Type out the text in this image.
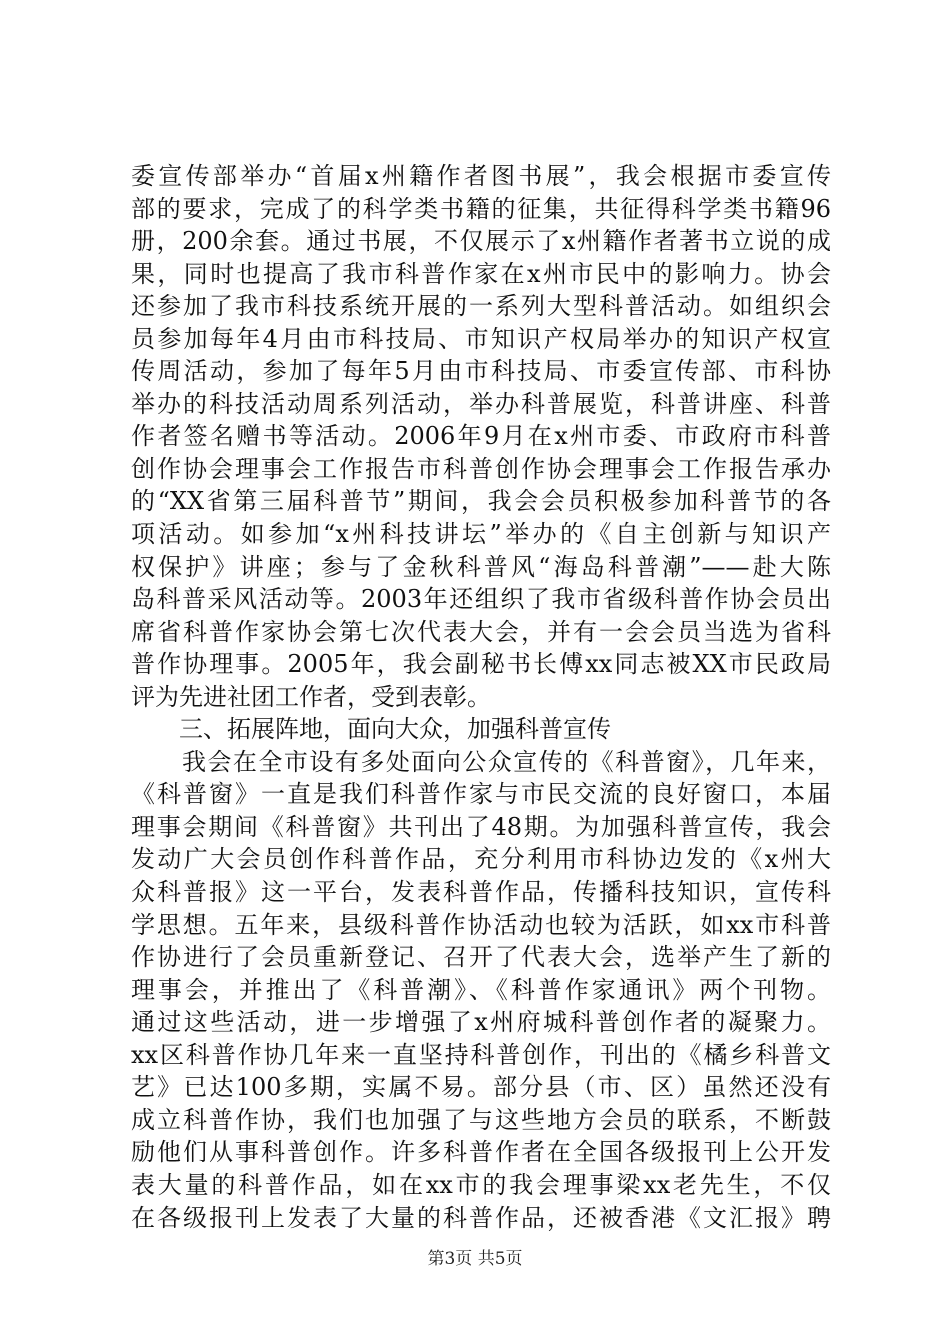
委宣传部举办“首届x州籍作者图书展”，我会根据市委宣传
部的要求，完成了的科学类书籍的征集，共征得科学类书籍96
册，200余套。通过书展，不仅展示了x州籍作者著书立说的成
果，同时也提高了我市科普作家在x州市民中的影响力。协会
还参加了我市科技系统开展的一系列大型科普活动。如组织会
员参加每年4月由市科技局、市知识产权局举办的知识产权宣
传周活动，参加了每年5月由市科技局、市委宣传部、市科协
举办的科技活动周系列活动，举办科普展览，科普讲座、科普
作者签名赠书等活动。2006年9月在x州市委、市政府市科普
创作协会理事会工作报告市科普创作协会理事会工作报告承办
的“XX省第三届科普节”期间，我会会员积极参加科普节的各
项活动。如参加“x州科技讲坛”举办的《自主创新与知识产
权保护》讲座；参与了金秋科普风“海岛科普潮”——赴大陈
岛科普采风活动等。2003年还组织了我市省级科普作协会员出
席省科普作家协会第七次代表大会，并有一会会员当选为省科
普作协理事。2005年，我会副秘书长傅xx同志被XX市民政局
评为先进社团工作者，受到表彰。
　　三、拓展阵地，面向大众，加强科普宣传
　　我会在全市设有多处面向公众宣传的《科普窗》，几年来，
《科普窗》一直是我们科普作家与市民交流的良好窗口，本届
理事会期间《科普窗》共刊出了48期。为加强科普宣传，我会
发动广大会员创作科普作品，充分利用市科协边发的《x州大
众科普报》这一平台，发表科普作品，传播科技知识，宣传科
学思想。五年来，县级科普作协活动也较为活跃，如xx市科普
作协进行了会员重新登记、召开了代表大会，选举产生了新的
理事会，并推出了《科普潮》、《科普作家通讯》两个刊物。
通过这些活动，进一步增强了x州府城科普创作者的凝聚力。
xx区科普作协几年来一直坚持科普创作，刊出的《橘乡科普文
艺》已达100多期，实属不易。部分县（市、区）虽然还没有
成立科普作协，我们也加强了与这些地方会员的联系，不断鼓
励他们从事科普创作。许多科普作者在全国各级报刊上公开发
表大量的科普作品，如在xx市的我会理事梁xx老先生，不仅
在各级报刊上发表了大量的科普作品，还被香港《文汇报》聘
第3页 共5页
